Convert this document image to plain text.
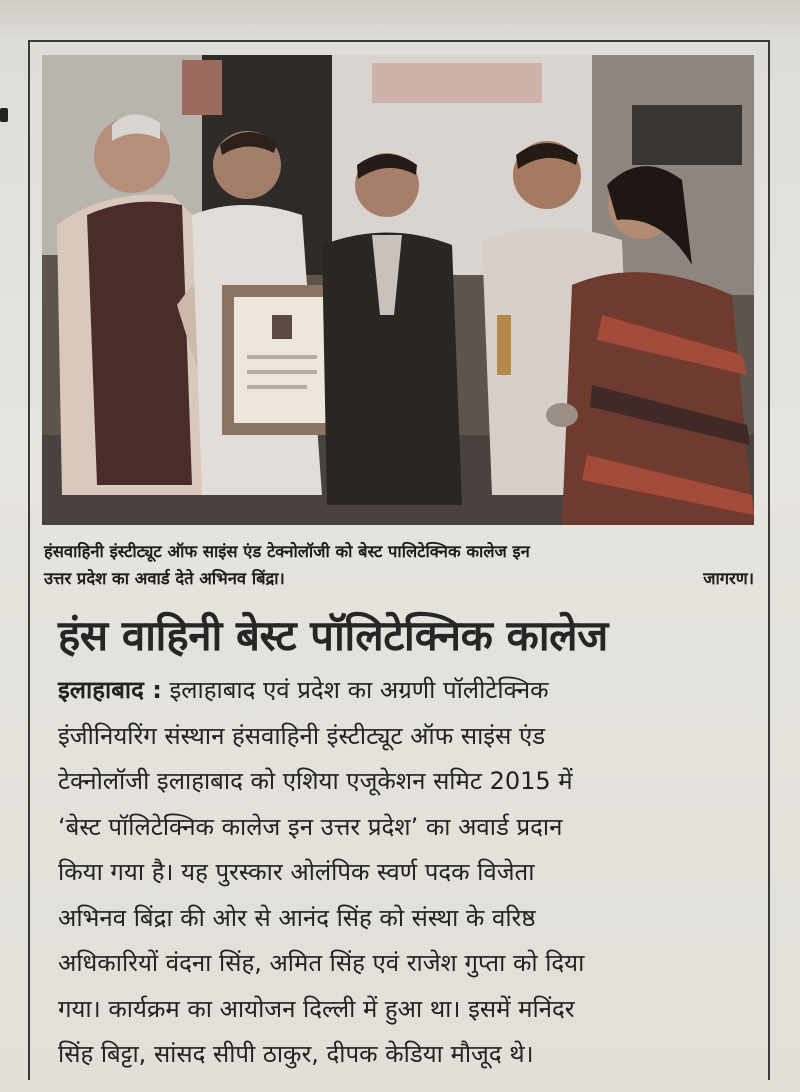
हंसवाहिनी इंस्टीट्यूट ऑफ साइंस एंड टेक्नोलॉजी को बेस्ट पालिटेक्निक कालेज इन
उत्तर प्रदेश का अवार्ड देते अभिनव बिंद्रा।	जागरण।
हंस वाहिनी बेस्ट पॉलिटेक्निक कालेज

इलाहाबाद : इलाहाबाद एवं प्रदेश का अग्रणी पॉलीटेक्निक

इंजीनियरिंग संस्थान हंसवाहिनी इंस्टीट्यूट ऑफ साइंस एंड

टेक्नोलॉजी इलाहाबाद को एशिया एजूकेशन समिट 2015 में

‘बेस्ट पॉलिटेक्निक कालेज इन उत्तर प्रदेश’ का अवार्ड प्रदान

किया गया है। यह पुरस्कार ओलंपिक स्वर्ण पदक विजेता

अभिनव बिंद्रा की ओर से आनंद सिंह को संस्था के वरिष्ठ

अधिकारियों वंदना सिंह, अमित सिंह एवं राजेश गुप्ता को दिया

गया। कार्यक्रम का आयोजन दिल्ली में हुआ था। इसमें मनिंदर

सिंह बिट्टा, सांसद सीपी ठाकुर, दीपक केडिया मौजूद थे।
